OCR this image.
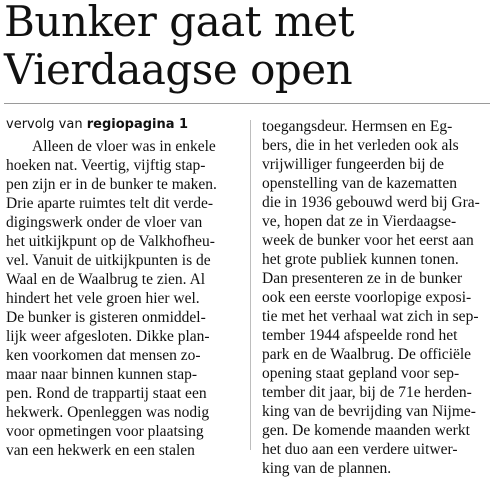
Bunker gaat met
Vierdaagse open
vervolg van regiopagina 1
Alleen de vloer was in enkele
hoeken nat. Veertig, vijftig stap-
pen zijn er in de bunker te maken.
Drie aparte ruimtes telt dit verde-
digingswerk onder de vloer van
het uitkijkpunt op de Valkhofheu-
vel. Vanuit de uitkijkpunten is de
Waal en de Waalbrug te zien. Al
hindert het vele groen hier wel.
De bunker is gisteren onmiddel-
lijk weer afgesloten. Dikke plan-
ken voorkomen dat mensen zo-
maar naar binnen kunnen stap-
pen. Rond de trappartij staat een
hekwerk. Openleggen was nodig
voor opmetingen voor plaatsing
van een hekwerk en een stalen
toegangsdeur. Hermsen en Eg-
bers, die in het verleden ook als
vrijwilliger fungeerden bij de
openstelling van de kazematten
die in 1936 gebouwd werd bij Gra-
ve, hopen dat ze in Vierdaagse-
week de bunker voor het eerst aan
het grote publiek kunnen tonen.
Dan presenteren ze in de bunker
ook een eerste voorlopige exposi-
tie met het verhaal wat zich in sep-
tember 1944 afspeelde rond het
park en de Waalbrug. De officiële
opening staat gepland voor sep-
tember dit jaar, bij de 71e herden-
king van de bevrijding van Nijme-
gen. De komende maanden werkt
het duo aan een verdere uitwer-
king van de plannen.
